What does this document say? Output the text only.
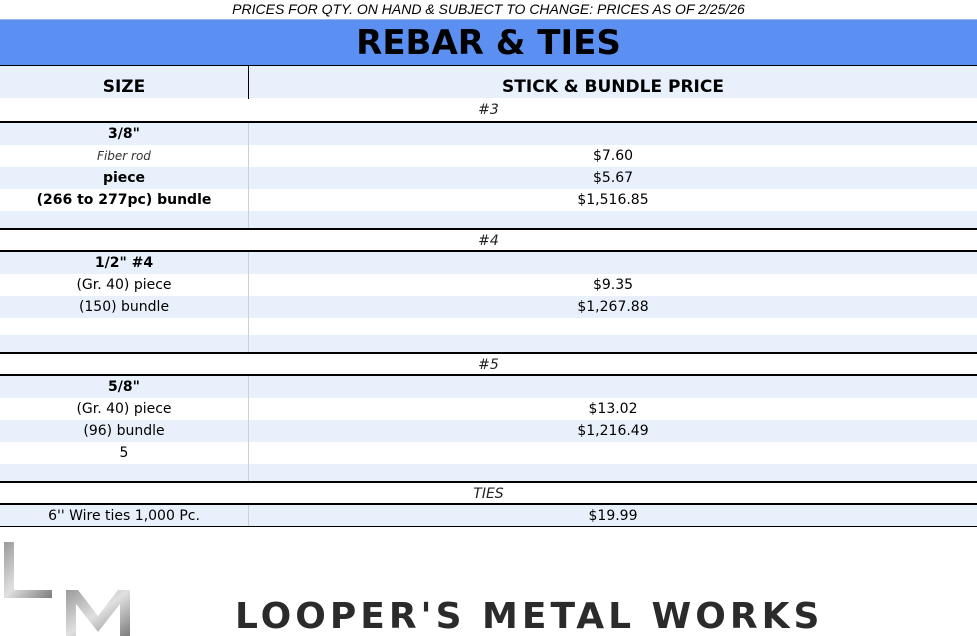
PRICES FOR QTY. ON HAND & SUBJECT TO CHANGE: PRICES AS OF 2/25/26
REBAR & TIES
SIZE	STICK & BUNDLE PRICE
#3
3/8"
Fiber rod	$7.60
piece	$5.67
(266 to 277pc) bundle	$1,516.85
#4
1/2" #4
(Gr. 40) piece	$9.35
(150) bundle	$1,267.88
#5
5/8"
(Gr. 40) piece	$13.02
(96) bundle	$1,216.49
5
TIES
6'' Wire ties 1,000 Pc.	$19.99
LOOPER'S METAL WORKS
